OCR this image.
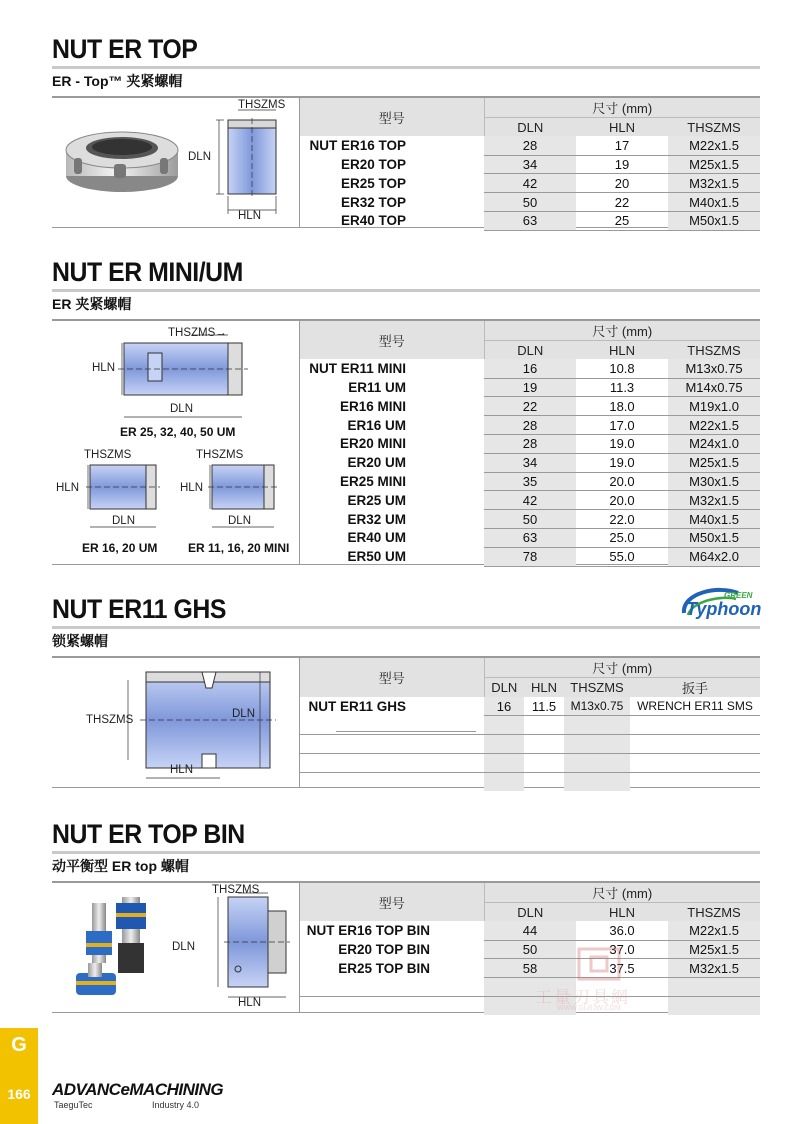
NUT ER TOP
ER - Top™ 夹紧螺帽
THSZMS
DLN
HLN
型号	尺寸 (mm)		
	DLN	HLN	THSZMS
NUT ER16 TOP	28	17	M22x1.5
ER20 TOP	34	19	M25x1.5
ER25 TOP	42	20	M32x1.5
ER32 TOP	50	22	M40x1.5
ER40 TOP	63	25	M50x1.5
NUT ER MINI/UM
ER 夹紧螺帽
THSZMS→
HLN
DLN
ER 25, 32, 40, 50 UM
THSZMS
HLN
DLN
ER 16, 20 UM
THSZMS
HLN
DLN
ER 11, 16, 20 MINI
型号	尺寸 (mm)		
	DLN	HLN	THSZMS
NUT ER11 MINI	16	10.8	M13x0.75
ER11 UM	19	11.3	M14x0.75
ER16 MINI	22	18.0	M19x1.0
ER16 UM	28	17.0	M22x1.5
ER20 MINI	28	19.0	M24x1.0
ER20 UM	34	19.0	M25x1.5
ER25 MINI	35	20.0	M30x1.5
ER25 UM	42	20.0	M32x1.5
ER32 UM	50	22.0	M40x1.5
ER40 UM	63	25.0	M50x1.5
ER50 UM	78	55.0	M64x2.0
NUT ER11 GHS
锁紧螺帽
GREEN
Typhoon
THSZMS	DLN
HLN
型号	尺寸 (mm)			
	DLN	HLN	THSZMS	扳手
NUT ER11 GHS	16	11.5	M13x0.75	WRENCH ER11 SMS

NUT ER TOP BIN
动平衡型 ER top 螺帽
THSZMS
DLN
HLN
型号	尺寸 (mm)		
	DLN	HLN	THSZMS
NUT ER16 TOP BIN	44	36.0	M22x1.5
ER20 TOP BIN	50	37.0	M25x1.5
ER25 TOP BIN	58	37.5	M32x1.5

工量刃具網
WWW.GLRJW.COM
G
166	ADVANCeMACHINING
TaeguTec	Industry 4.0
